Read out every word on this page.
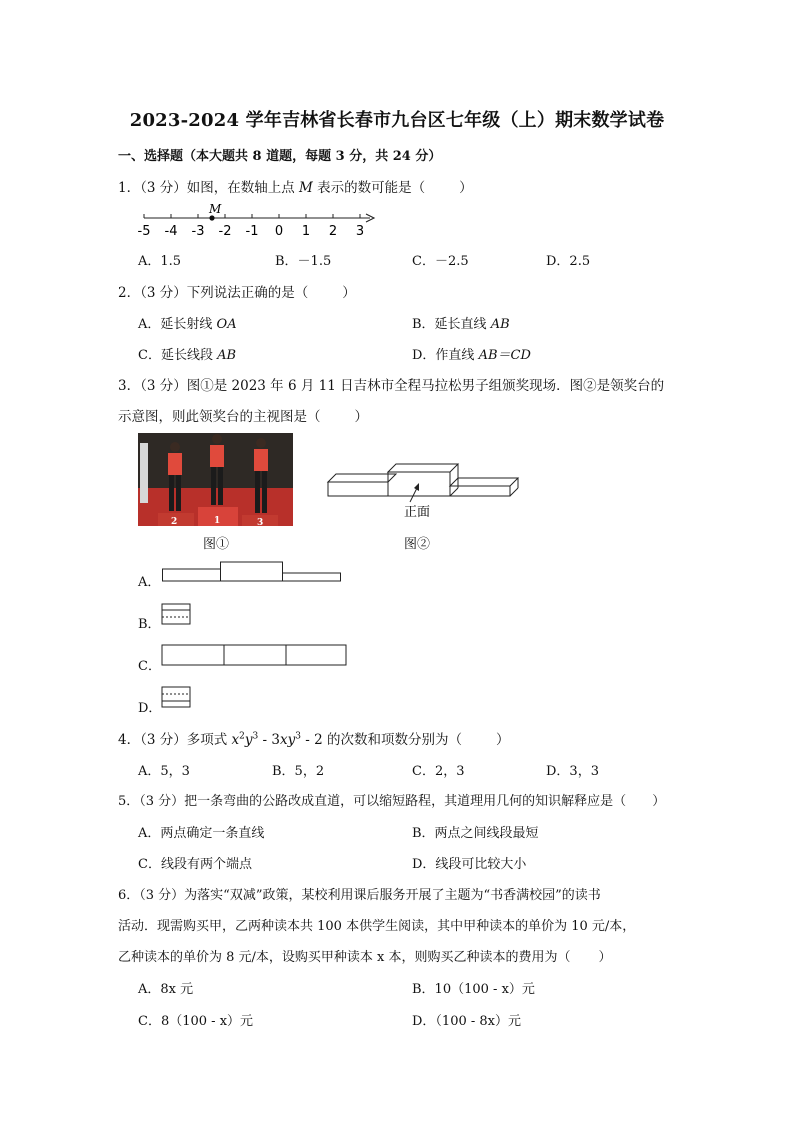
2023-2024 学年吉林省长春市九台区七年级（上）期末数学试卷
一、选择题（本大题共 8 道题，每题 3 分，共 24 分）
1．（3 分）如图，在数轴上点 M 表示的数可能是（	）
-5 -4 -3 -2 -1 0 1 2 3
M
A．1.5	B．－1.5	C．－2.5	D．2.5
2．（3 分）下列说法正确的是（	）
A．延长射线 OA	B．延长直线 AB
C．延长线段 AB	D．作直线 AB＝CD
3．（3 分）图①是 2023 年 6 月 11 日吉林市全程马拉松男子组颁奖现场．图②是领奖台的
示意图，则此领奖台的主视图是（	）
2	1	3
图①
正面
图②
A．
B．
C．
D．
4．（3 分）多项式 $x^2y^3 - 3xy^3 - 2$ 的次数和项数分别为（	）
A．5，3	B．5，2	C．2，3	D．3，3
5．（3 分）把一条弯曲的公路改成直道，可以缩短路程，其道理用几何的知识解释应是（ ）
A．两点确定一条直线	B．两点之间线段最短
C．线段有两个端点	D．线段可比较大小
6．（3 分）为落实“双减”政策，某校利用课后服务开展了主题为“书香满校园”的读书
活动．现需购买甲，乙两种读本共 100 本供学生阅读，其中甲种读本的单价为 10 元/本，
乙种读本的单价为 8 元/本，设购买甲种读本 x 本，则购买乙种读本的费用为（ ）
A．8x 元	B．10（100 - x）元
C．8（100 - x）元	D．（100 - 8x）元
